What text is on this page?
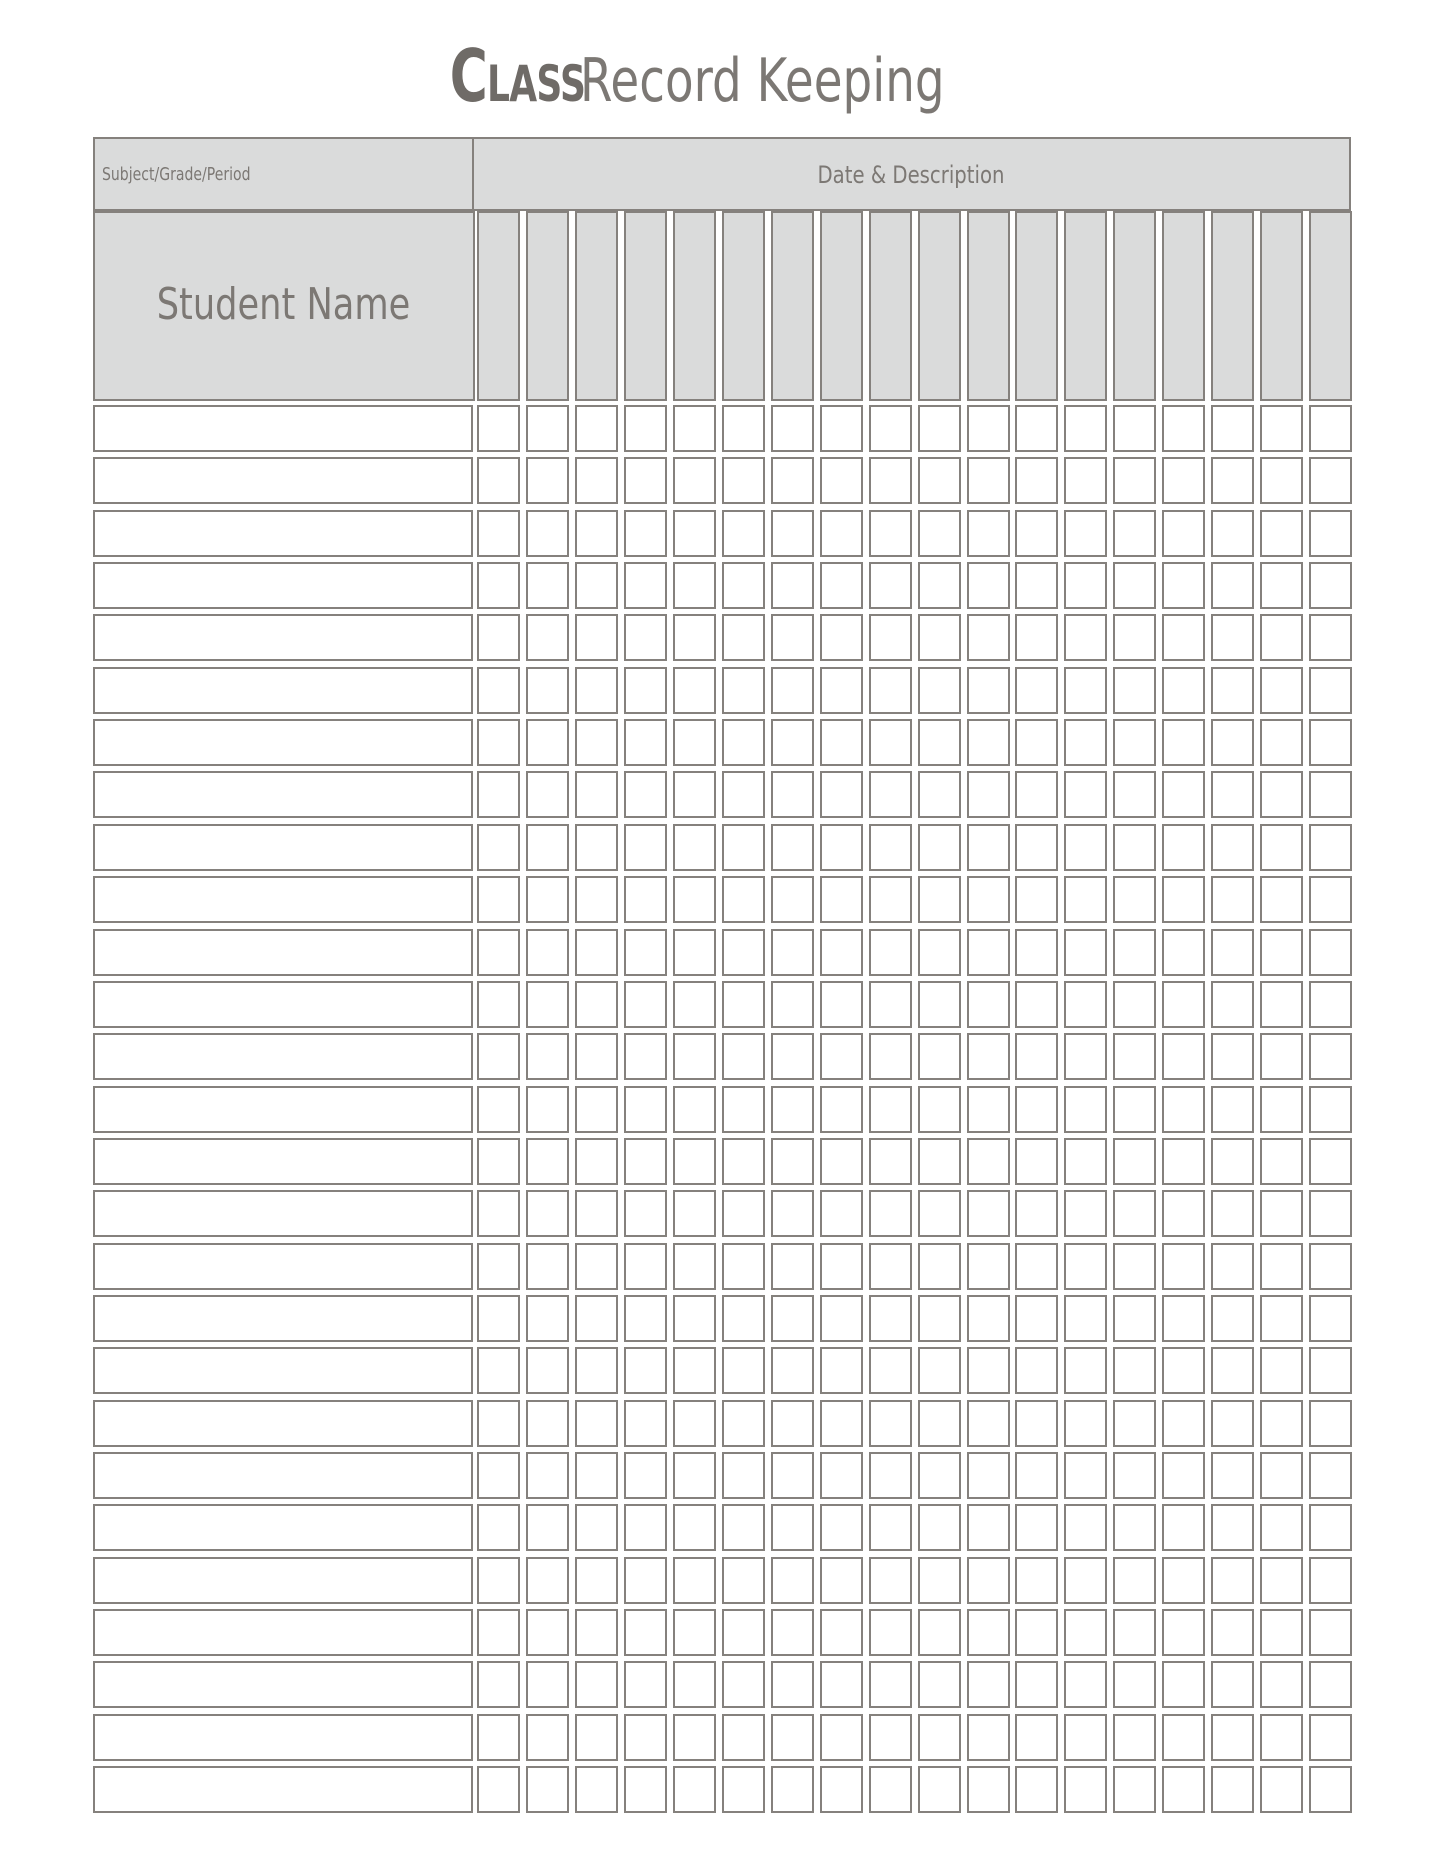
Class Record Keeping
Subject/Grade/Period	Date & Description
Student Name
